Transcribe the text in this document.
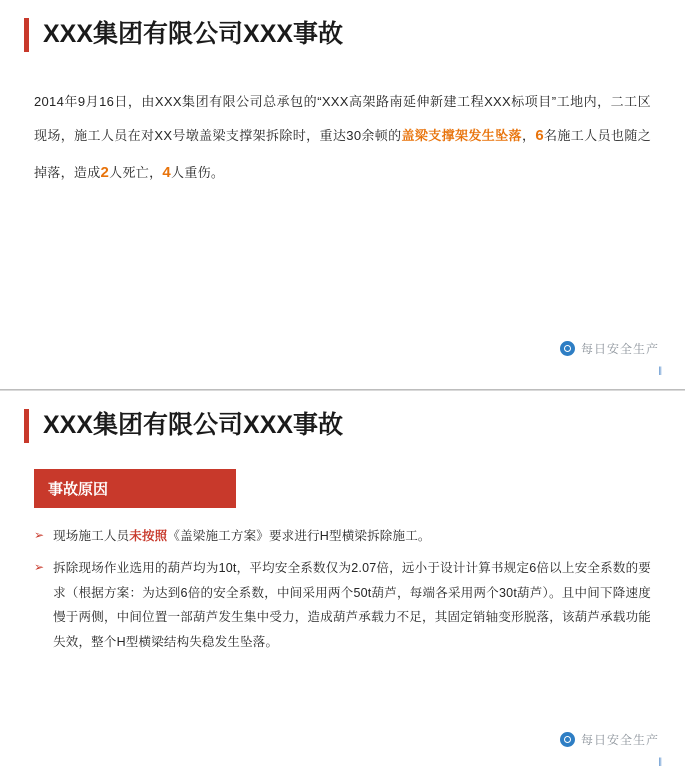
XXX集团有限公司XXX事故
2014年9月16日，由XXX集团有限公司总承包的“XXX高架路南延伸新建工程XXX标项目”工地内，二工区现场，施工人员在对XX号墩盖梁支撑架拆除时，重达30余顿的盖梁支撑架发生坠落，6名施工人员也随之掉落，造成2人死亡，4人重伤。
每日安全生产
‖
XXX集团有限公司XXX事故
事故原因
➢ 现场施工人员未按照《盖梁施工方案》要求进行H型横梁拆除施工。
➢ 拆除现场作业选用的葫芦均为10t，平均安全系数仅为2.07倍，远小于设计计算书规定6倍以上安全系数的要求（根据方案：为达到6倍的安全系数，中间采用两个50t葫芦，每端各采用两个30t葫芦）。且中间下降速度慢于两侧，中间位置一部葫芦发生集中受力，造成葫芦承载力不足，其固定销轴变形脱落，该葫芦承载功能失效，整个H型横梁结构失稳发生坠落。
每日安全生产
‖
